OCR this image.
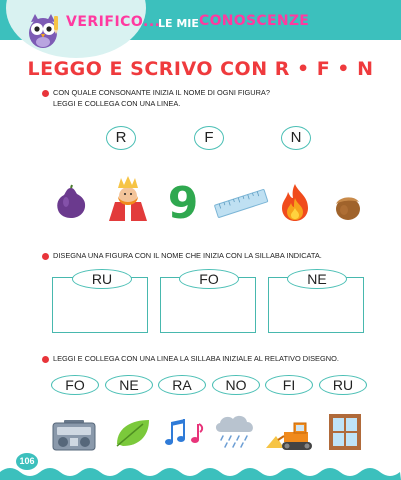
VERIFICO...
LE MIE CONOSCENZE
LEGGO E SCRIVO CON R • F • N
CON QUALE CONSONANTE INIZIA IL NOME DI OGNI FIGURA?
LEGGI E COLLEGA CON UNA LINEA.
R	F	N
9
DISEGNA UNA FIGURA CON IL NOME CHE INIZIA CON LA SILLABA INDICATA.
RU	FO	NE
LEGGI E COLLEGA CON UNA LINEA LA SILLABA INIZIALE AL RELATIVO DISEGNO.
FO	NE	RA	NO	FI	RU
106
